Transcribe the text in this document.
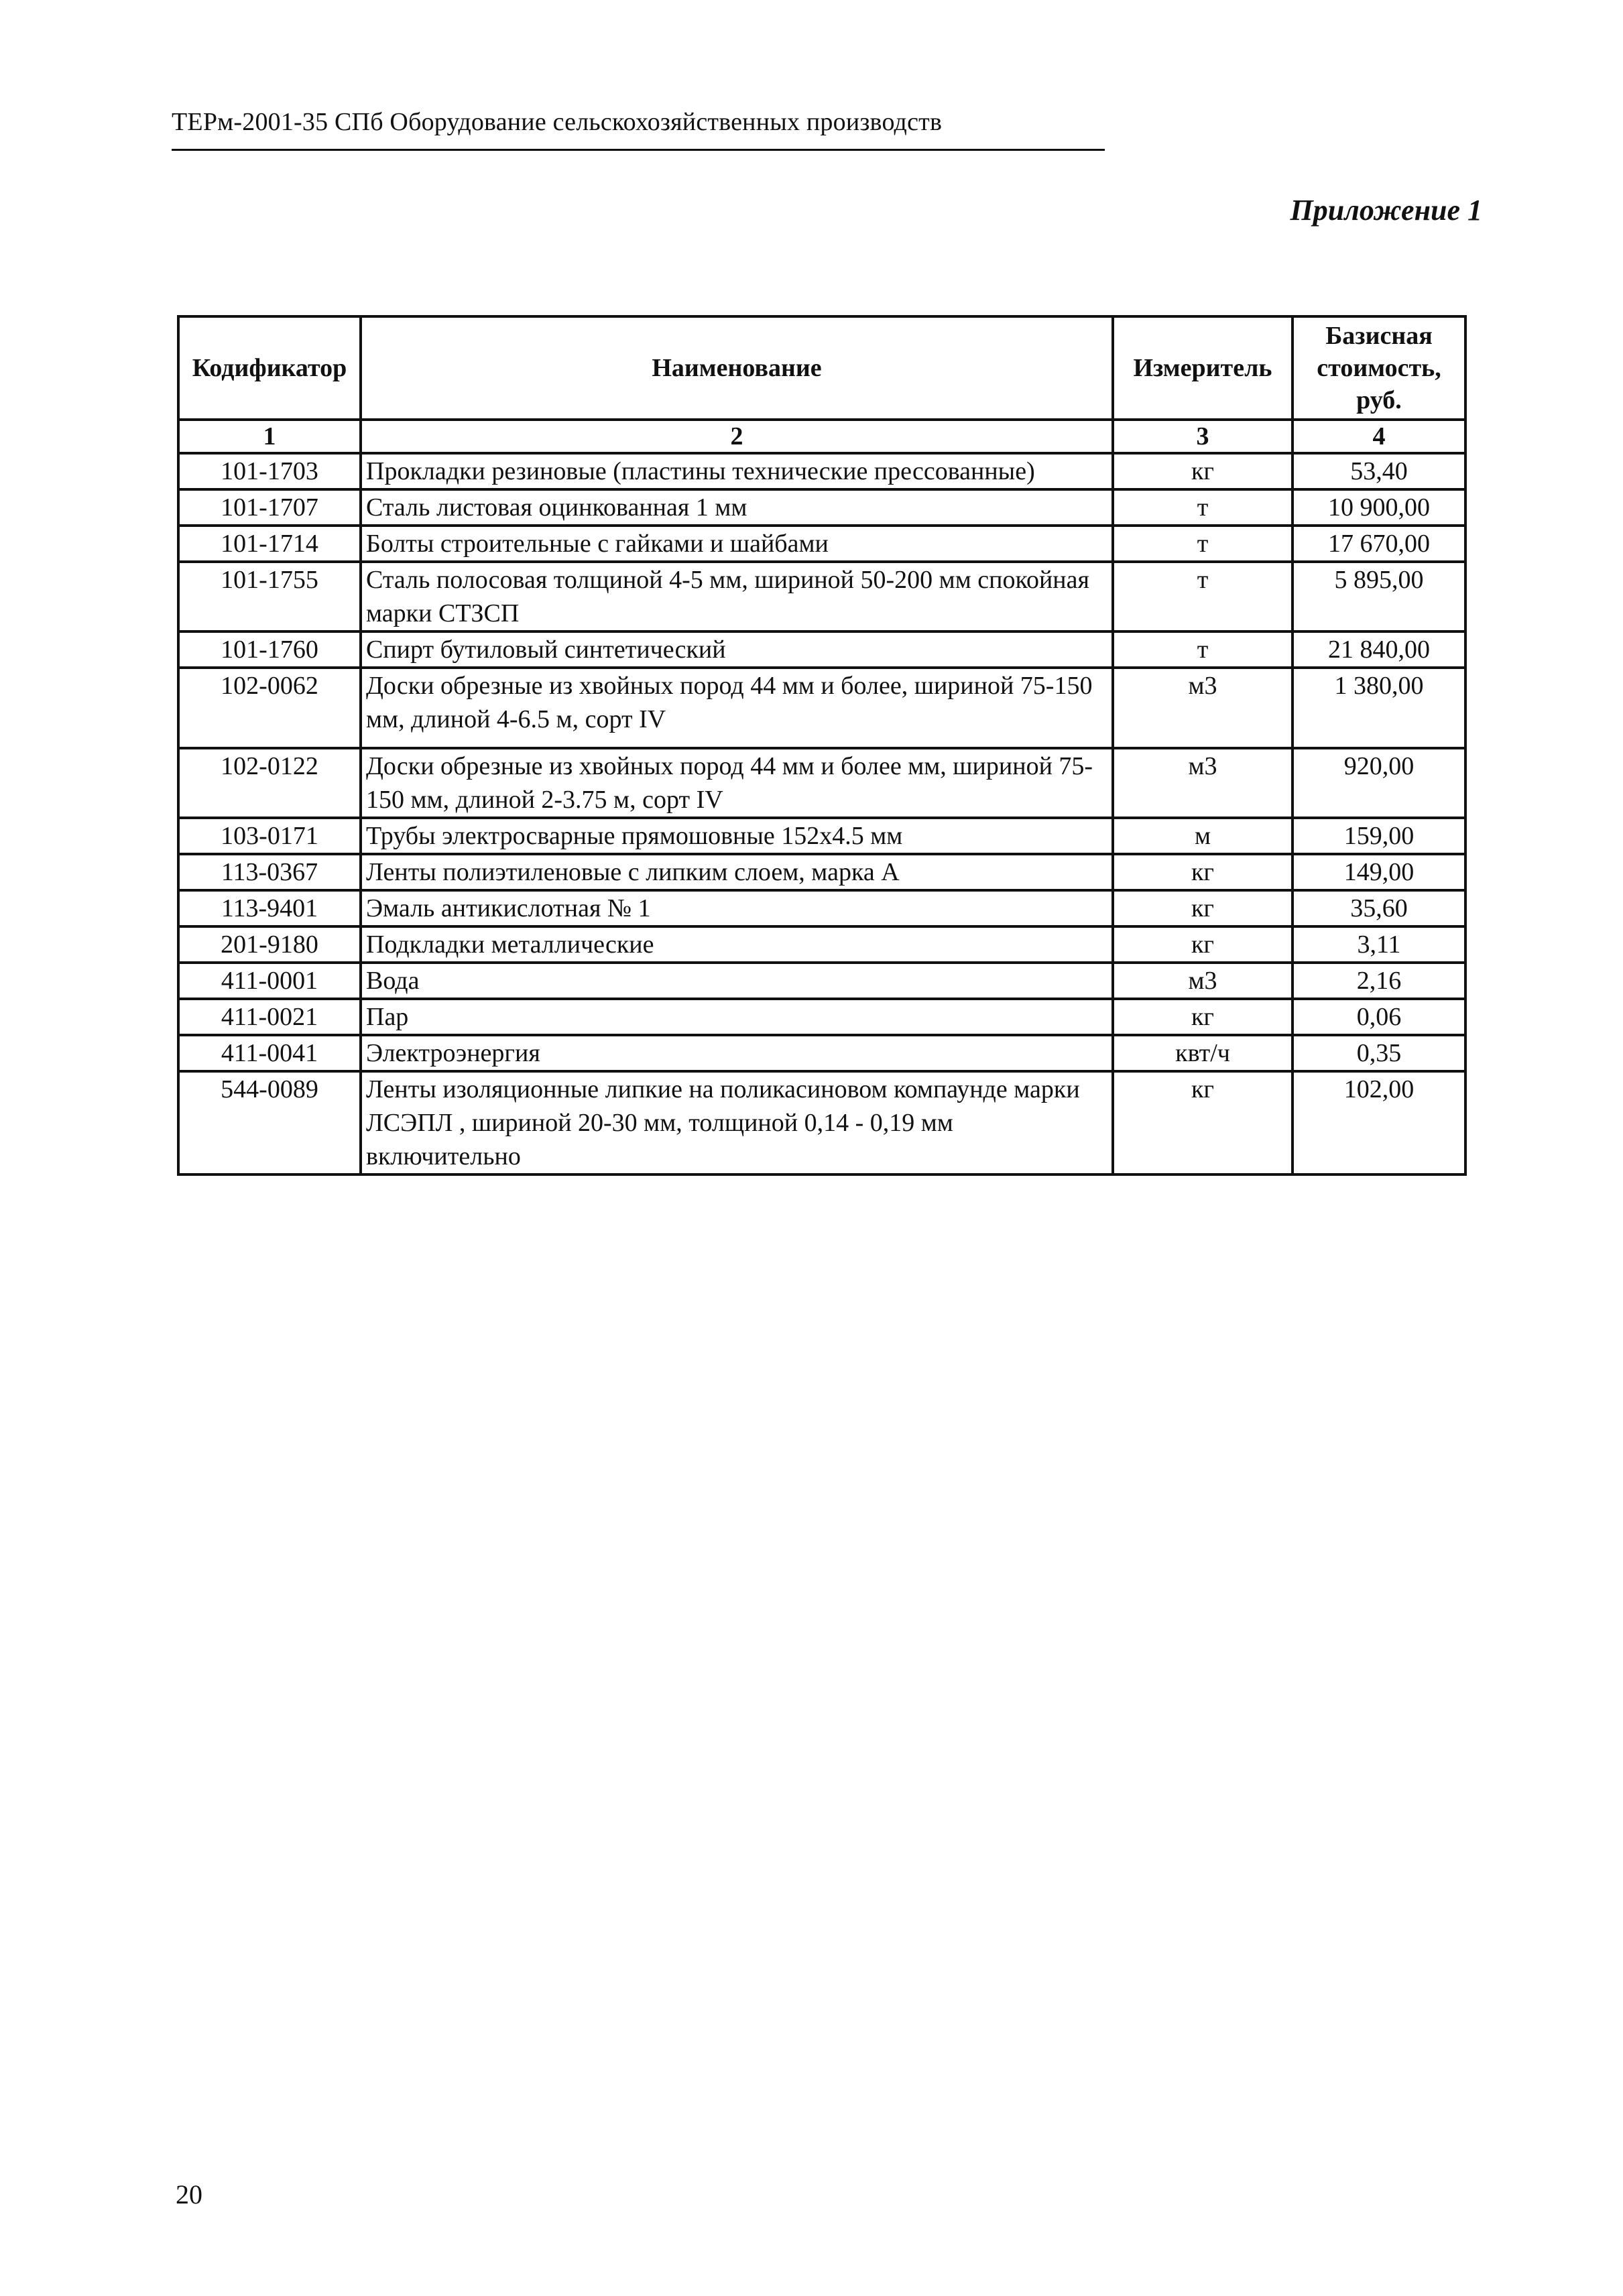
ТЕРм-2001-35 СПб Оборудование сельскохозяйственных производств
Приложение 1
Кодификатор	Наименование	Измеритель	Базисная стоимость, руб.
1	2	3	4
101-1703	Прокладки резиновые (пластины технические прессованные)	кг	53,40
101-1707	Сталь листовая оцинкованная 1 мм	т	10 900,00
101-1714	Болты строительные с гайками и шайбами	т	17 670,00
101-1755	Сталь полосовая толщиной 4-5 мм, шириной 50-200 мм спокойная марки СТЗСП	т	5 895,00
101-1760	Спирт бутиловый синтетический	т	21 840,00
102-0062	Доски обрезные из хвойных пород 44 мм и более, шириной 75-150 мм, длиной 4-6.5 м, сорт IV	м3	1 380,00
102-0122	Доски обрезные из хвойных пород 44 мм и более мм, шириной 75-150 мм, длиной 2-3.75 м, сорт IV	м3	920,00
103-0171	Трубы электросварные прямошовные 152х4.5 мм	м	159,00
113-0367	Ленты полиэтиленовые с липким слоем, марка А	кг	149,00
113-9401	Эмаль антикислотная № 1	кг	35,60
201-9180	Подкладки металлические	кг	3,11
411-0001	Вода	м3	2,16
411-0021	Пар	кг	0,06
411-0041	Электроэнергия	квт/ч	0,35
544-0089	Ленты изоляционные липкие на поликасиновом компаунде марки ЛСЭПЛ , шириной 20-30 мм, толщиной 0,14 - 0,19 мм включительно	кг	102,00
20
